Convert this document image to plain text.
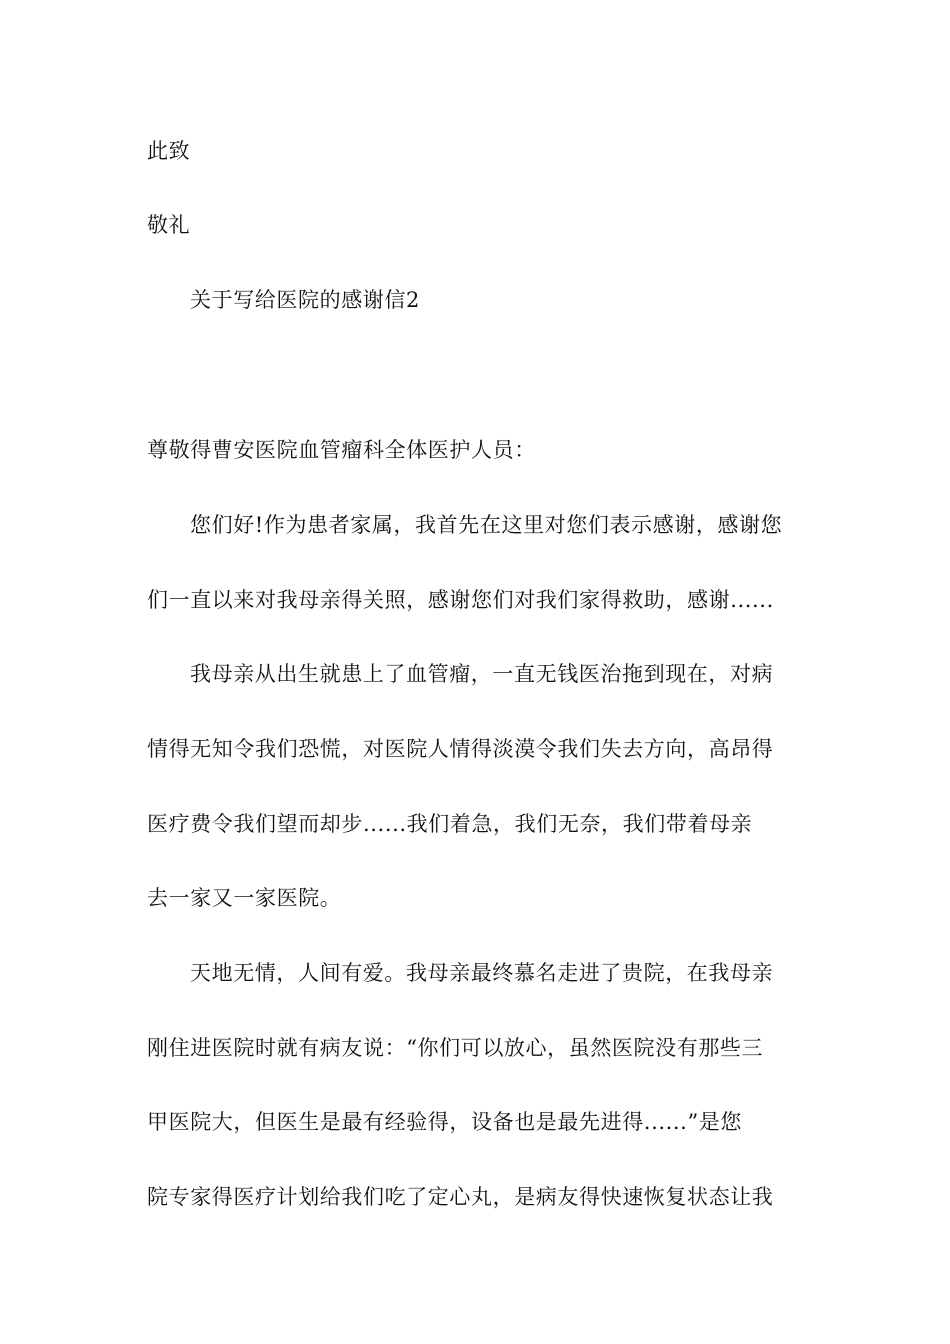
此致
敬礼
关于写给医院的感谢信2
尊敬得曹安医院血管瘤科全体医护人员：
您们好!作为患者家属，我首先在这里对您们表示感谢，感谢您
们一直以来对我母亲得关照，感谢您们对我们家得救助，感谢......
我母亲从出生就患上了血管瘤，一直无钱医治拖到现在，对病
情得无知令我们恐慌，对医院人情得淡漠令我们失去方向，高昂得
医疗费令我们望而却步......我们着急，我们无奈，我们带着母亲
去一家又一家医院。
天地无情，人间有爱。我母亲最终慕名走进了贵院，在我母亲
刚住进医院时就有病友说：“你们可以放心，虽然医院没有那些三
甲医院大，但医生是最有经验得，设备也是最先进得......”是您
院专家得医疗计划给我们吃了定心丸，是病友得快速恢复状态让我
